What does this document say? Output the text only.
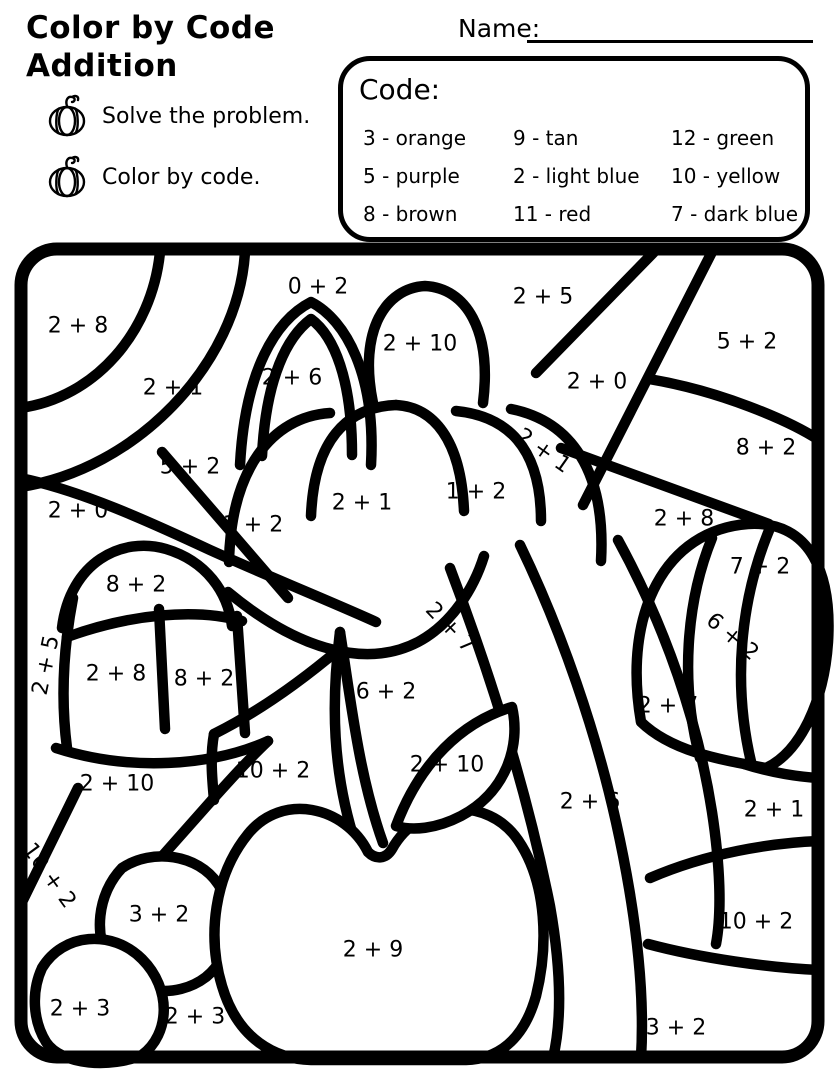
Color by Code
Addition
Name:
Solve the problem.
Color by code.
Code:
3 - orange	9 - tan	12 - green
5 - purple	2 - light blue	10 - yellow
8 - brown	11 - red	7 - dark blue
2 + 8
0 + 2	2 + 5
5 + 2
2 + 10
2 + 1	2 + 6	2 + 0
8 + 2
2 + 1
5 + 2
2 + 0	2 + 1 1 + 2
2 + 8
1 + 2
7 + 2
8 + 2
2 + 7	6 + 2
2 + 5 2 + 8 8 + 2
6 + 2
2 + 7
2 + 10
10 + 2	2 + 10
2 + 6	2 + 1
10 + 2
3 + 2
2 + 9
10 + 2
2 + 3 2 + 3	3 + 2
